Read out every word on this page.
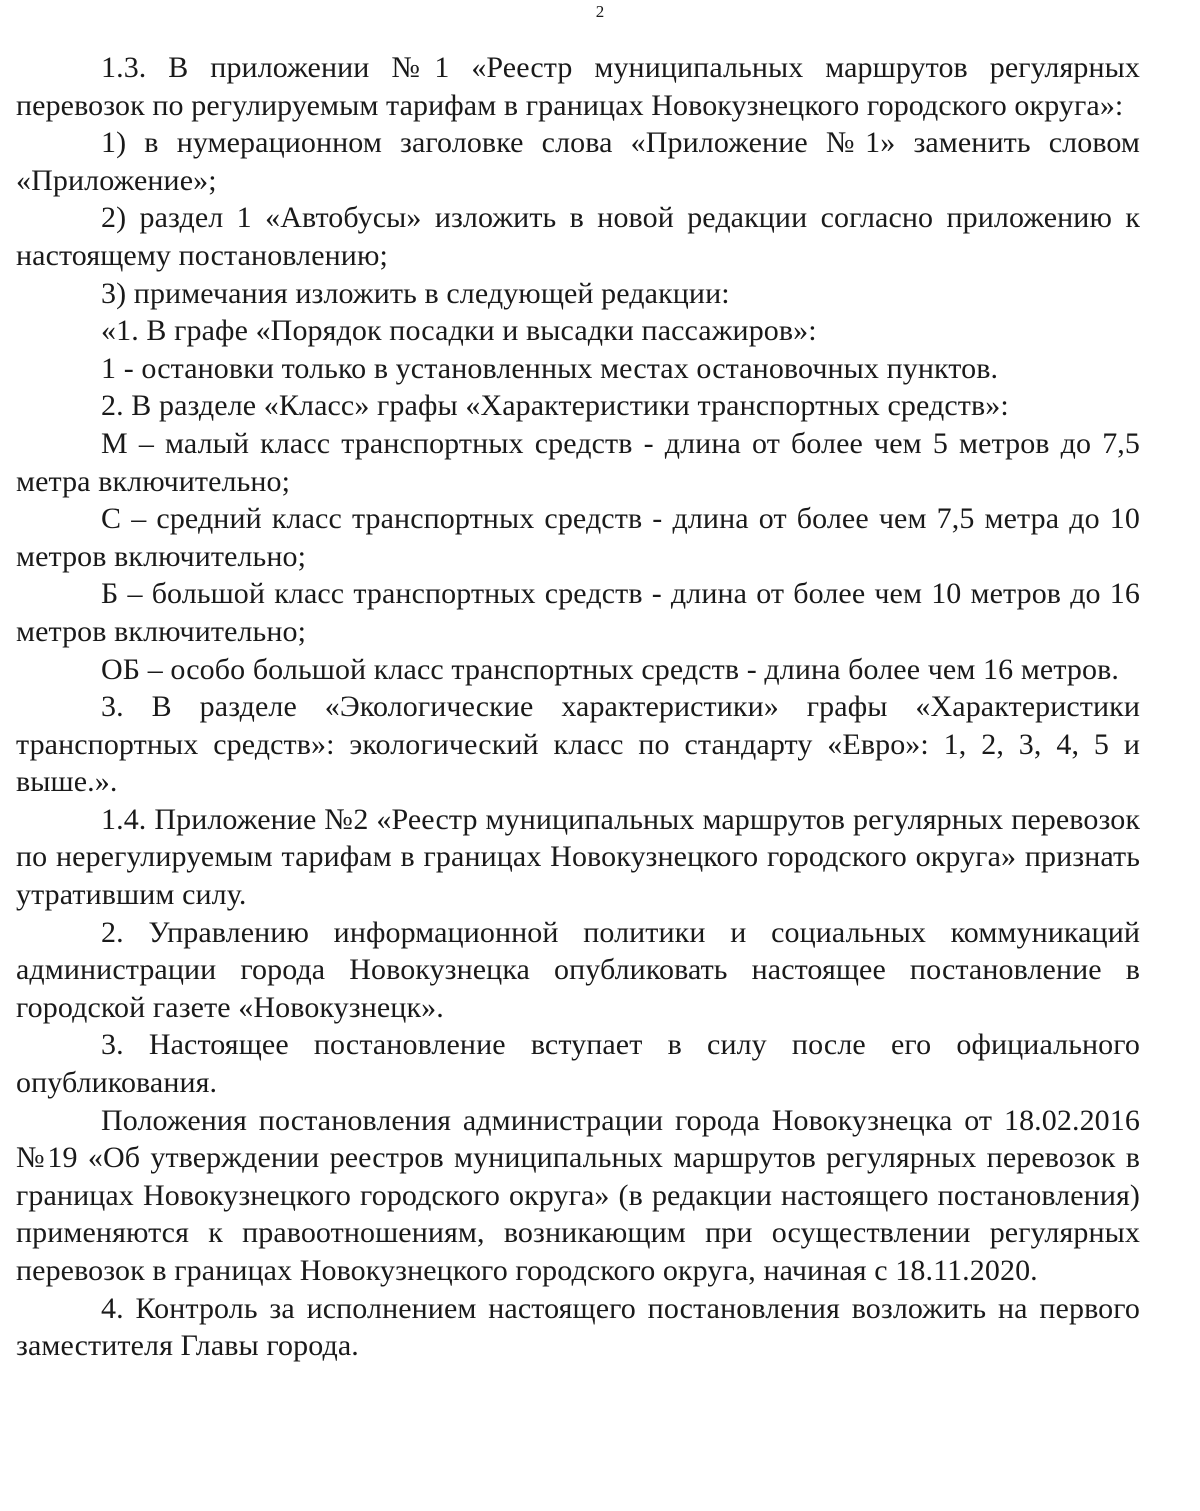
2

1.3. В приложении №1 «Реестр муниципальных маршрутов регулярных перевозок по регулируемым тарифам в границах Новокузнецкого городского округа»:

1) в нумерационном заголовке слова «Приложение №1» заменить словом «Приложение»;

2) раздел 1 «Автобусы» изложить в новой редакции согласно приложению к настоящему постановлению;

3) примечания изложить в следующей редакции:

«1. В графе «Порядок посадки и высадки пассажиров»:

1 - остановки только в установленных местах остановочных пунктов.

2. В разделе «Класс» графы «Характеристики транспортных средств»:

М – малый класс транспортных средств - длина от более чем 5 метров до 7,5 метра включительно;

С – средний класс транспортных средств - длина от более чем 7,5 метра до 10 метров включительно;

Б – большой класс транспортных средств - длина от более чем 10 метров до 16 метров включительно;

ОБ – особо большой класс транспортных средств - длина более чем 16 метров.

3. В разделе «Экологические характеристики» графы «Характеристики транспортных средств»: экологический класс по стандарту «Евро»: 1, 2, 3, 4, 5 и выше.».

1.4. Приложение №2 «Реестр муниципальных маршрутов регулярных перевозок по нерегулируемым тарифам в границах Новокузнецкого городского округа» признать утратившим силу.

2. Управлению информационной политики и социальных коммуникаций администрации города Новокузнецка опубликовать настоящее постановление в городской газете «Новокузнецк».

3. Настоящее постановление вступает в силу после его официального опубликования.

Положения постановления администрации города Новокузнецка от 18.02.2016 №19 «Об утверждении реестров муниципальных маршрутов регулярных перевозок в границах Новокузнецкого городского округа» (в редакции настоящего постановления) применяются к правоотношениям, возникающим при осуществлении регулярных перевозок в границах Новокузнецкого городского округа, начиная с 18.11.2020.

4. Контроль за исполнением настоящего постановления возложить на первого заместителя Главы города.
